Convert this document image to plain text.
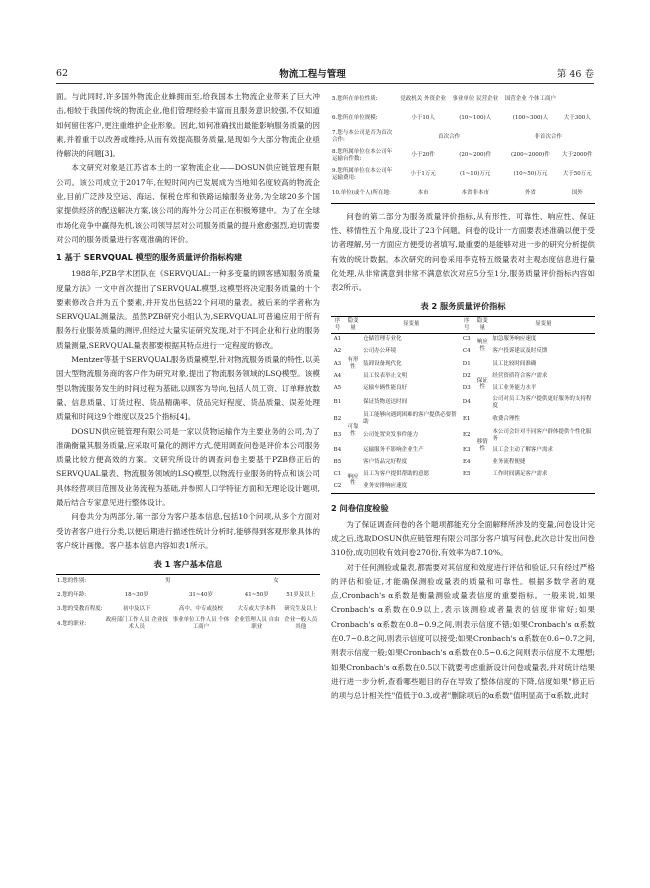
62	物流工程与管理	第 46 卷

面。与此同时,许多国外物流企业蜂拥而至,给我国本土物流企业带来了巨大冲击,相较于我国传统的物流企业,他们管理经验丰富而且服务意识较强,不仅知道如何留住客户,更注重维护企业形象。因此,如何准确找出最能影响服务质量的因素,并着重于以改善或维持,从而有效提高服务质量,是现如今大部分物流企业亟待解决的问题[3]。

本文研究对象是江苏省本土的一家物流企业——DOSUN供应链管理有限公司。该公司成立于2017年,在短时间内已发展成为当地知名度较高的物流企业,目前广泛涉及空运、海运、保税仓库和铁路运输服务业务,为全球20多个国家提供经济的配送解决方案,该公司的海外分公司正在积极筹建中。为了在全球市场化竞争中赢得先机,该公司领导层对公司服务质量的提升愈愈强烈,迫切需要对公司的服务质量进行客观准确的评价。

1 基于 SERVQUAL 模型的服务质量评价指标构建

1988年,PZB学术团队在《SERVQUAL:一种多变量的顾客感知服务质量度量方法》一文中首次提出了SERVQUAL模型,这模型将决定服务质量的十个要素修改合并为五个要素,并开发出包括22个问项的量表。被后来的学者称为SERVQUAL测量法。虽然PZB研究小组认为,SERVQUAL可普遍应用于所有服务行业服务质量的测评,但经过大量实证研究发现,对于不同企业和行业的服务质量测量,SERVQUAL量表都要根据其特点进行一定程度的修改。

Mentzer等基于SERVQUAL服务质量模型,针对物流服务质量的特性,以美国大型物流服务商的客户作为研究对象,提出了物流服务领域的LSQ模型。该模型以物流服务发生的时间过程为基础,以顾客为导向,包括人员工资、订单释放数量、信息质量、订货过程、货品精确率、货品完好程度、货品质量、误差处理质量和时间这9个维度以及25个指标[4]。

DOSUN供应链管理有限公司是一家以货物运输作为主要业务的公司,为了准确衡量其服务质量,应采取可量化的测评方式,使用调查问卷是评价本公司服务质量比较方便高效的方案。文研究所设计的调查问卷主要基于PZB修正后的SERVQUAL量表、物流服务领域的LSQ模型,以物流行业服务的特点和该公司具体经营项目范围及业务流程为基础,并参照人口学特征方面和无理论设计题项,最后结合专家意见进行整体设计。

问卷共分为两部分,第一部分为客户基本信息,包括10个问项,从多个方面对受访者客户进行分类,以便后期进行描述性统计分析时,能够得到客观形象具体的客户统计画像。客户基本信息内容如表1所示。

表 1 客户基本信息
1.您的性别:	男		女	
2.您的年龄:	18~30岁	31~40岁	41~50岁	51岁及以上
3.您的受教育程度:	初中及以下	高中、中专或技校	大专或大学本科	研究生及以上
4.您的职业:	政府部门工作人员 企业技术人员	事业单位工作人员 个体工商户	企业管理人员 自由职业	企业一般人员 其他
5.您所在单位性质:	党政机关 外资企业	事业单位 民营企业	国营企业 个体工商户	
6.您所在单位规模:	小于10人	(10~100)人	(100~300)人	大于300人
7.您与本公司是否为首次合作:	首次合作		非首次合作	
8.您所属单位在本公司年运输台件数:	小于20件	(20~200)件	(200~2000)件	大于2000件
9.您所属单位在本公司年运输费用:	小于1万元	(1~10)万元	(10~50)万元	大于50万元
10.单位(或个人)所在地:	本市	本省非本市	外省	国外

问卷的第二部分为服务质量评价指标,从有形性、可靠性、响应性、保证性、移情性五个角度,设计了23个问题。问卷的设计一方面要表述准确以便于受访者理解,另一方面应方便受访者填写,最重要的是能够对进一步的研究分析提供有效的统计数据。本次研究的问卷采用李克特五级量表对主观态度信息进行量化处理,从非常满意到非常不满意依次对应5分至1分,服务质量评价指标内容如表2所示。

表 2 服务质量评价指标
序号	隐变量	显变量	序号	隐变量	显变量
A1	有形性	仓储管理专业化	C3	响应性	加急服务响应速度
A2		公司办公环境	C4		客户投诉建议及时反馈
A3		装卸设备现代化	D1	保证性	员工比较时间准确
A4		员工仪表举止文明	D2		经营资质符合客户需求
A5		运输车辆性能良好	D3		员工业务能力水平
B1	可靠性	保证货物送达时间	D4		公司对员工为客户提供更好服务的支持程度
B2		员工能够向遇到困难的客户提供必要帮助	E1	移情性	收费合理性
B3		公司处置突发事件能力	E2		本公司会针对不同客户群体提供个性化服务
B4		运输服务不影响企业生产	E3		员工会主动了解客户需求
B5		客户货品完好程度	E4		业务流程便捷
C1	响应性	员工为客户提供帮助的意愿	E5		工作时间满足客户需求
C2		业务安排响应速度			
2 问卷信度检验

为了保证调查问卷的各个题项都能充分全面解释所涉及的变量,问卷设计完成之后,选取DOSUN供应链管理有限公司部分客户填写问卷,此次总计发出问卷310份,成功回收有效问卷270份,有效率为87.10%。

对于任何测验或量表,都需要对其信度和效度进行评估和验证,只有经过严格的评估和验证,才能确保测验或量表的质量和可靠性。根据多数学者的观点,Cronbach's α系数是衡量测验或量表信度的重要指标。一般来说,如果Cronbach's α系数在0.9以上,表示该测验或者量表的信度非常好;如果Cronbach's α系数在0.8~0.9之间,则表示信度不错;如果Cronbach's α系数在0.7~0.8之间,则表示信度可以接受;如果Cronbach's α系数在0.6~0.7之间,则表示信度一般;如果Cronbach's α系数在0.5~0.6之间则表示信度不太理想;如果Cronbach's α系数在0.5以下就要考虑重新设计问卷或量表,并对统计结果进行进一步分析,查看哪些题目的存在导致了整体信度的下降,信度如果"修正后的项与总计相关性"值低于0.3,或者"删除项后的α系数"值明显高于α系数,此时
